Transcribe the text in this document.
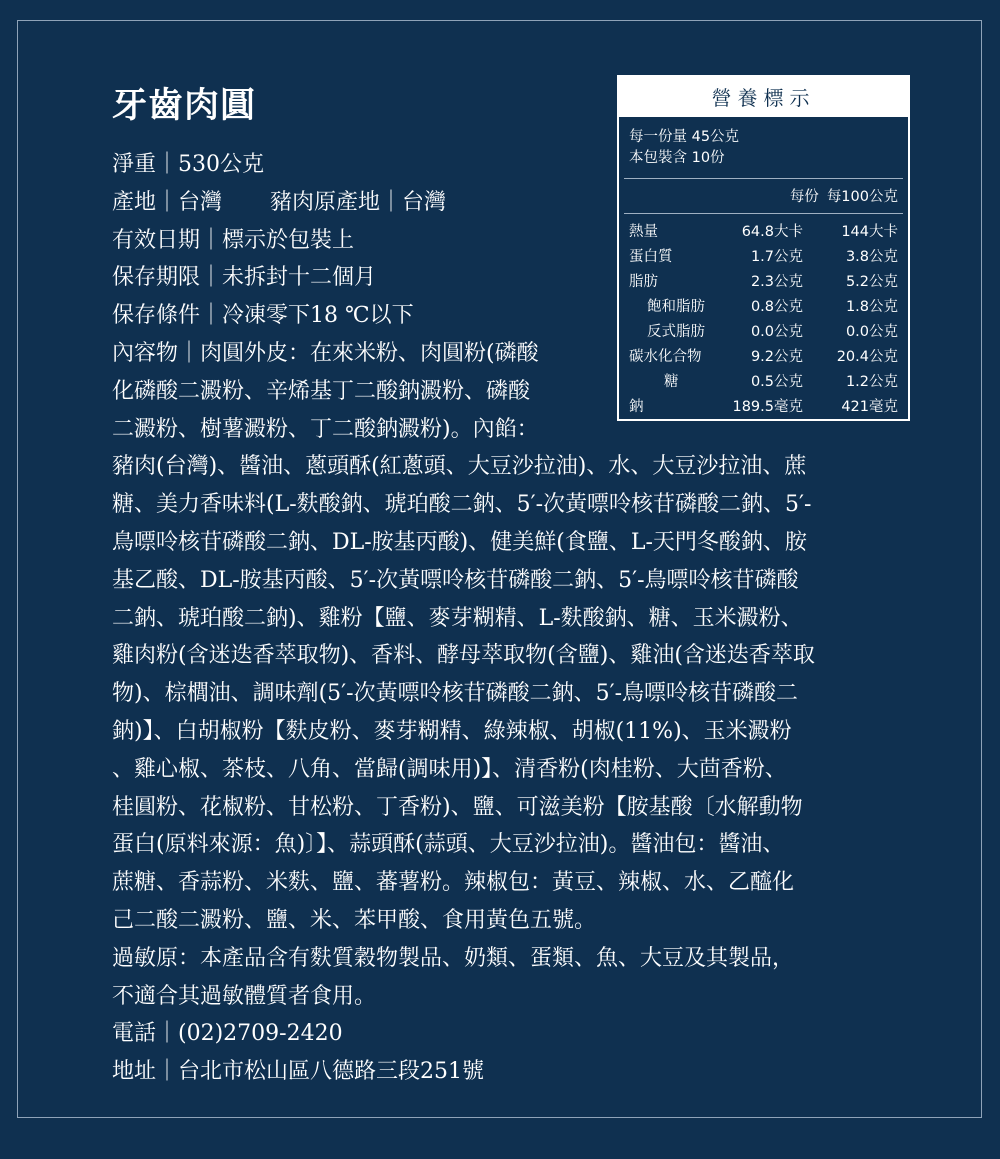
牙齒肉圓
淨重｜530公克
產地｜台灣 豬肉原產地｜台灣
有效日期｜標示於包裝上
保存期限｜未拆封十二個月
保存條件｜冷凍零下18 ℃以下
內容物｜肉圓外皮：在來米粉、肉圓粉(磷酸
化磷酸二澱粉、辛烯基丁二酸鈉澱粉、磷酸
二澱粉、樹薯澱粉、丁二酸鈉澱粉)。內餡：
豬肉(台灣)、醬油、蔥頭酥(紅蔥頭、大豆沙拉油)、水、大豆沙拉油、蔗
糖、美力香味料(L-麩酸鈉、琥珀酸二鈉、5′-次黃嘌呤核苷磷酸二鈉、5′-
鳥嘌呤核苷磷酸二鈉、DL-胺基丙酸)、健美鮮(食鹽、L-天門冬酸鈉、胺
基乙酸、DL-胺基丙酸、5′-次黃嘌呤核苷磷酸二鈉、5′-鳥嘌呤核苷磷酸
二鈉、琥珀酸二鈉)、雞粉【鹽、麥芽糊精、L-麩酸鈉、糖、玉米澱粉、
雞肉粉(含迷迭香萃取物)、香料、酵母萃取物(含鹽)、雞油(含迷迭香萃取
物)、棕櫚油、調味劑(5′-次黃嘌呤核苷磷酸二鈉、5′-鳥嘌呤核苷磷酸二
鈉)】、白胡椒粉【麩皮粉、麥芽糊精、綠辣椒、胡椒(11%)、玉米澱粉
、雞心椒、茶枝、八角、當歸(調味用)】、清香粉(肉桂粉、大茴香粉、
桂圓粉、花椒粉、甘松粉、丁香粉)、鹽、可滋美粉【胺基酸〔水解動物
蛋白(原料來源：魚)〕】、蒜頭酥(蒜頭、大豆沙拉油)。醬油包：醬油、
蔗糖、香蒜粉、米麩、鹽、蕃薯粉。辣椒包：黃豆、辣椒、水、乙醯化
己二酸二澱粉、鹽、米、苯甲酸、食用黃色五號。
過敏原：本產品含有麩質穀物製品、奶類、蛋類、魚、大豆及其製品，
不適合其過敏體質者食用。
電話｜(02)2709-2420
地址｜台北市松山區八德路三段251號
營養標示
每一份量 45公克
本包裝含 10份
每份 每100公克
熱量	64.8大卡	144大卡
蛋白質	1.7公克	3.8公克
脂肪	2.3公克	5.2公克
飽和脂肪	0.8公克	1.8公克
反式脂肪	0.0公克	0.0公克
碳水化合物	9.2公克 20.4公克
糖	0.5公克	1.2公克
鈉	189.5毫克	421毫克
